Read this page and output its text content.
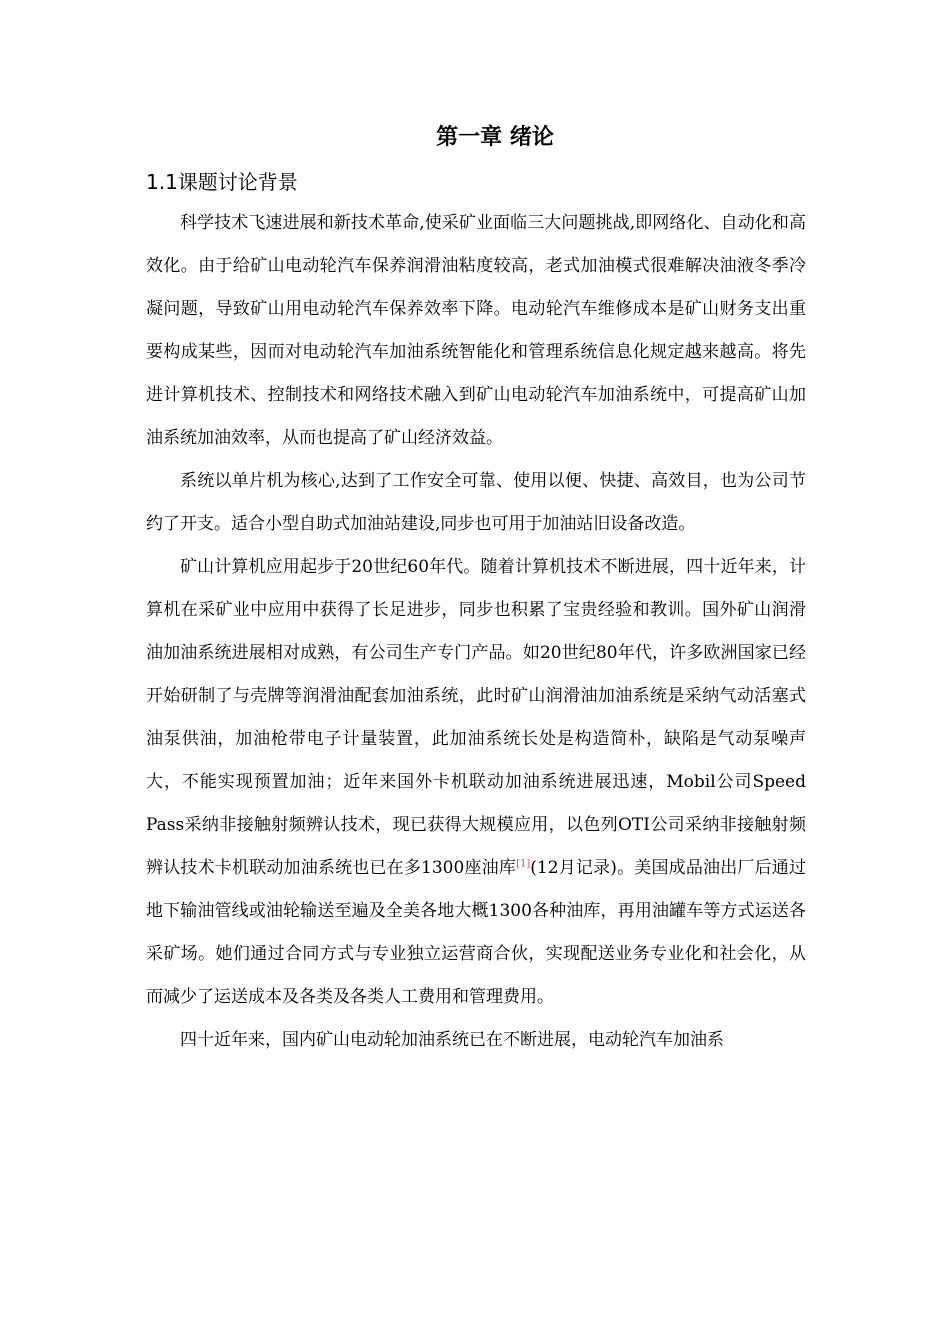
第一章 绪论
1.1课题讨论背景

科学技术飞速进展和新技术革命,使采矿业面临三大问题挑战,即网络化、自动化和高效化。由于给矿山电动轮汽车保养润滑油粘度较高，老式加油模式很难解决油液冬季冷凝问题，导致矿山用电动轮汽车保养效率下降。电动轮汽车维修成本是矿山财务支出重要构成某些，因而对电动轮汽车加油系统智能化和管理系统信息化规定越来越高。将先进计算机技术、控制技术和网络技术融入到矿山电动轮汽车加油系统中，可提高矿山加油系统加油效率，从而也提高了矿山经济效益。

系统以单片机为核心,达到了工作安全可靠、使用以便、快捷、高效目，也为公司节约了开支。适合小型自助式加油站建设,同步也可用于加油站旧设备改造。

矿山计算机应用起步于20世纪60年代。随着计算机技术不断进展，四十近年来，计算机在采矿业中应用中获得了长足进步，同步也积累了宝贵经验和教训。国外矿山润滑油加油系统进展相对成熟，有公司生产专门产品。如20世纪80年代，许多欧洲国家已经开始研制了与壳牌等润滑油配套加油系统，此时矿山润滑油加油系统是采纳气动活塞式油泵供油，加油枪带电子计量装置，此加油系统长处是构造简朴，缺陷是气动泵噪声大，不能实现预置加油；近年来国外卡机联动加油系统进展迅速，Mobil公司Speed Pass采纳非接触射频辨认技术，现已获得大规模应用，以色列OTI公司采纳非接触射频辨认技术卡机联动加油系统也已在多1300座油库[1](12月记录)。美国成品油出厂后通过地下输油管线或油轮输送至遍及全美各地大概1300各种油库，再用油罐车等方式运送各采矿场。她们通过合同方式与专业独立运营商合伙，实现配送业务专业化和社会化，从而减少了运送成本及各类及各类人工费用和管理费用。

四十近年来，国内矿山电动轮加油系统已在不断进展，电动轮汽车加油系
